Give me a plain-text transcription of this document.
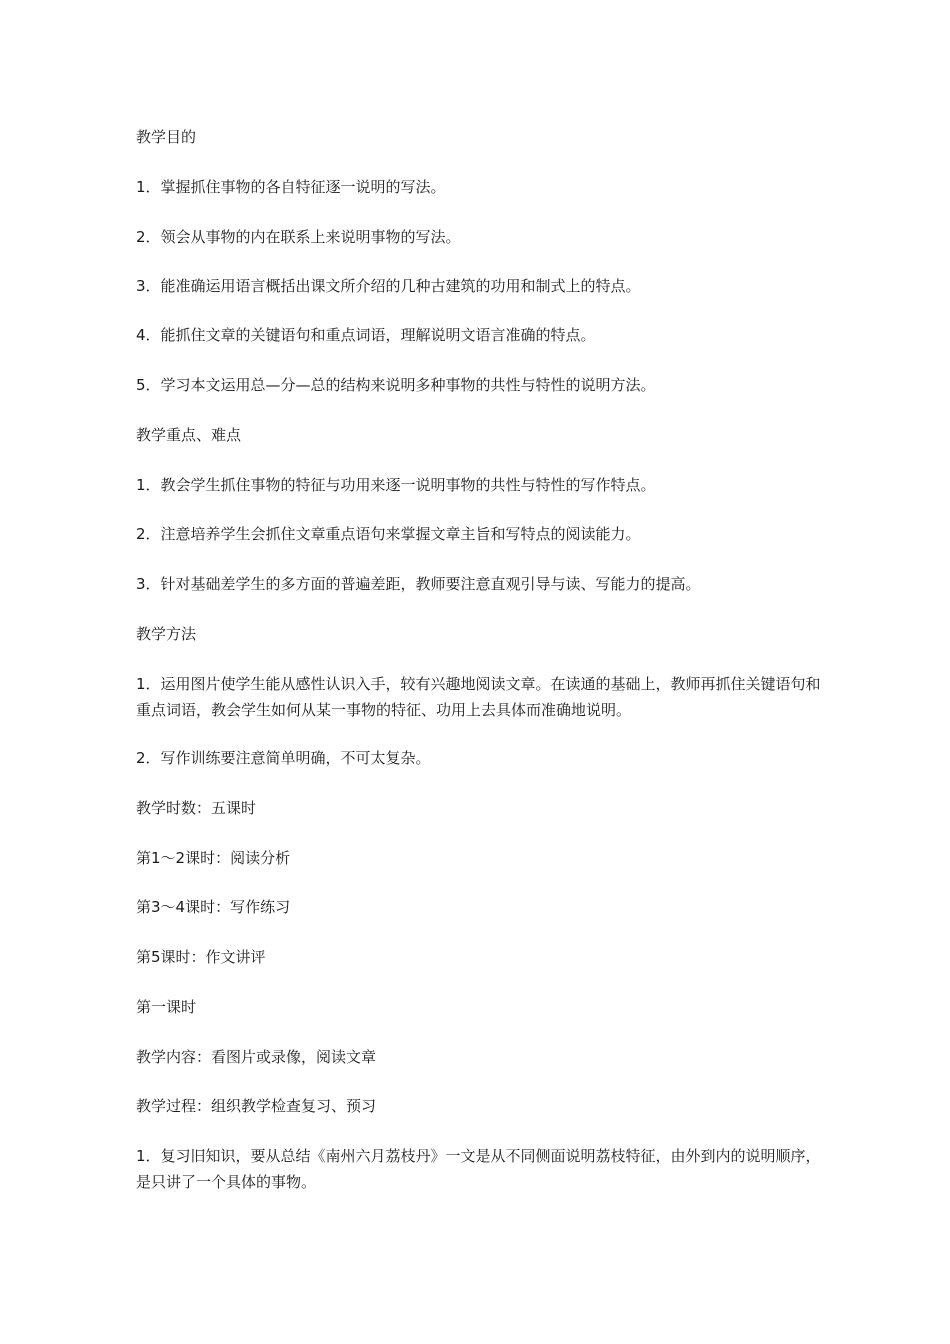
教学目的
1．掌握抓住事物的各自特征逐一说明的写法。
2．领会从事物的内在联系上来说明事物的写法。
3．能准确运用语言概括出课文所介绍的几种古建筑的功用和制式上的特点。
4．能抓住文章的关键语句和重点词语，理解说明文语言准确的特点。
5．学习本文运用总—分—总的结构来说明多种事物的共性与特性的说明方法。
教学重点、难点
1．教会学生抓住事物的特征与功用来逐一说明事物的共性与特性的写作特点。
2．注意培养学生会抓住文章重点语句来掌握文章主旨和写特点的阅读能力。
3．针对基础差学生的多方面的普遍差距，教师要注意直观引导与读、写能力的提高。
教学方法
1．运用图片使学生能从感性认识入手，较有兴趣地阅读文章。在读通的基础上，教师再抓住关键语句和重点词语，教会学生如何从某一事物的特征、功用上去具体而准确地说明。
2．写作训练要注意简单明确，不可太复杂。
教学时数：五课时
第1～2课时：阅读分析
第3～4课时：写作练习
第5课时：作文讲评
第一课时
教学内容：看图片或录像，阅读文章
教学过程：组织教学检查复习、预习
1．复习旧知识，要从总结《南州六月荔枝丹》一文是从不同侧面说明荔枝特征，由外到内的说明顺序，是只讲了一个具体的事物。
